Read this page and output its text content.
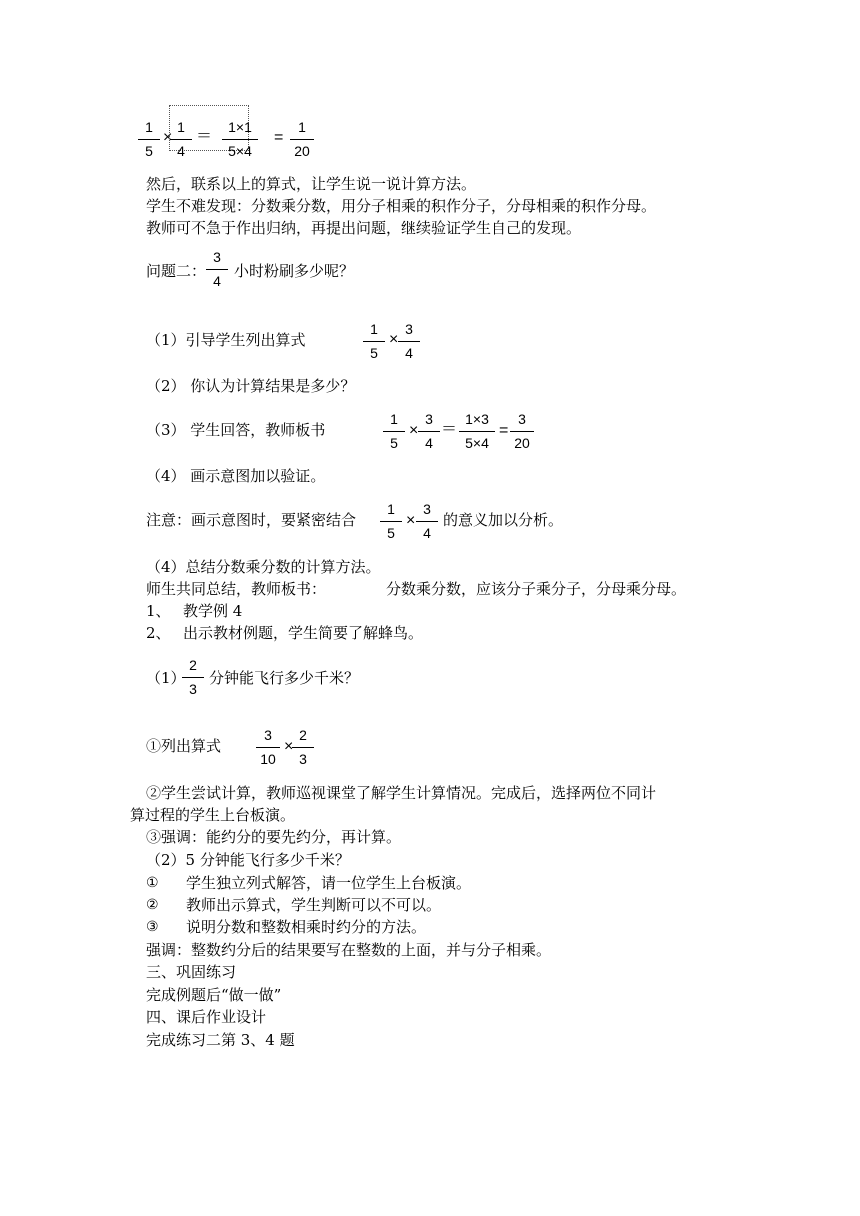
1
5
×
1
4
＝
1×1
5×4
=
1
20
然后，联系以上的算式，让学生说一说计算方法。
学生不难发现：分数乘分数，用分子相乘的积作分子，分母相乘的积作分母。
教师可不急于作出归纳，再提出问题，继续验证学生自己的发现。
问题二：
3
4
小时粉刷多少呢？
（1）引导学生列出算式
1
5
×
3
4
（2） 你认为计算结果是多少？
（3） 学生回答，教师板书
1
5
×
3
4
＝
1×3
5×4
=
3
20
（4） 画示意图加以验证。
注意：画示意图时，要紧密结合
1
5
×
3
4
的意义加以分析。
（4）总结分数乘分数的计算方法。
师生共同总结，教师板书：	分数乘分数，应该分子乘分子，分母乘分母。
1、 教学例 4
2、 出示教材例题，学生简要了解蜂鸟。
（1）
2
3
分钟能飞行多少千米？
①列出算式
3
10
×
2
3
②学生尝试计算，教师巡视课堂了解学生计算情况。完成后，选择两位不同计
算过程的学生上台板演。
③强调：能约分的要先约分，再计算。
（2）5 分钟能飞行多少千米？
① 学生独立列式解答，请一位学生上台板演。
② 教师出示算式，学生判断可以不可以。
③ 说明分数和整数相乘时约分的方法。
强调：整数约分后的结果要写在整数的上面，并与分子相乘。
三、巩固练习
完成例题后“做一做”
四、课后作业设计
完成练习二第 3、4 题
